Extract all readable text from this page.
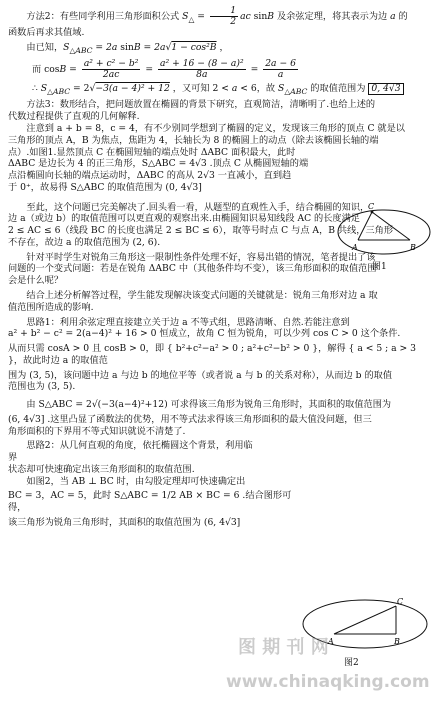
方法2：有些同学利用三角形面积公式 $S_\triangle = \frac{1}{2}$ ac sinB 及余弦定理，将其表示为边 a 的

函数后再求其值域.

由已知，$S_{\triangle ABC} = 2a$ sinB = 2a√1 − cos²B ，

而 $\cos B = \frac{\text{a² + c² − b²}}{2ac} = \frac{\text{a² + 16 − (8 − a)²}}{8a} = \frac{2a - 6}{a}$

∴ $S_{\triangle ABC} = 2√-3(a - 4)^2 + 12$ ，又可知 2 < a < 6，故 $S_{\triangle ABC}$ 的取值范围为 0, 4√3

方法3：数形结合，把问题放置在椭圆的背景下研究，直观简洁，清晰明了.也给上述的

代数过程提供了直观的几何解释.

注意到 a + b = 8，c = 4，有不少别同学想到了椭圆的定义，发现该三角形的顶点 C 就是以

三角形的顶点 A，B 为焦点，焦距为 4，长轴长为 8 的椭圆上的动点（除去该椭圆长轴的端

点）.如图1.显然顶点 C 在椭圆短轴的端点处时 ΔABC 面积最大，此时

ΔABC 是边长为 4 的正三角形，S△ABC = 4√3 .顶点 C 从椭圆短轴的端

点沿椭圆向长轴的端点运动时，ΔABC 的高从 2√3 一直减小，直到趋

于 0⁺，故易得 S△ABC 的取值范围为 (0, 4√3]

至此，这个问题已完美解决了.回头看一看，从题型的直观性入手，结合椭圆的知识，

边 a（或边 b）的取值范围可以更直观的观察出来.由椭圆知识易知线段 AC 的长度满足

2 ≤ AC ≤ 6（线段 BC 的长度也满足 2 ≤ BC ≤ 6），取等号时点 C 与点 A，B 共线，三角形

不存在，故边 a 的取值范围为 (2, 6).

针对平时学生对锐角三角形这一限制性条件处理不好，容易出错的情况，笔者提出了该

问题的一个变式问题：若是在锐角 ΔABC 中（其他条件均不变），该三角形面积的取值范围

会是什么呢？

结合上述分析解答过程，学生能发现解决该变式问题的关键就是：锐角三角形对边 a 取

值范围所造成的影响.

思路1：利用余弦定理直接建立关于边 a 不等式组，思路清晰、自然.若能注意到

a² + b² − c² = 2(a−4)² + 16 > 0 恒成立，故角 C 恒为锐角，可以少列 cos C > 0 这个条件.

从而只需 cosA > 0 且 cosB > 0，即 { b²+c²−a² > 0 ; a²+c²−b² > 0 }，解得 { a < 5 ; a > 3 }，故此时边 a 的取值范

围为 (3, 5)，该问题中边 a 与边 b 的地位平等（或者说 a 与 b 的关系对称），从而边 b 的取值

范围也为 (3, 5).

由 S△ABC = 2√(−3(a−4)²+12) 可求得该三角形为锐角三角形时，其面积的取值范围为

(6, 4√3] .这里凸显了函数法的优势，用不等式法求得该三角形面积的最大值没问题，但三

角形面积的下界用不等式知识就说不清楚了.

思路2：从几何直观的角度，依托椭圆这个背景，利用临界

状态却可快速确定出该三角形面积的取值范围.

如图2，当 AB ⊥ BC 时，由勾股定理却可快速确定出

BC = 3，AC = 5，此时 S△ABC = 1/2 AB × BC = 6 .结合图形可得，

该三角形为锐角三角形时，其面积的取值范围为 (6, 4√3]

C
A	B
图1
C
A	B
图2
图 期 刊 网
www.chinaqking.com
